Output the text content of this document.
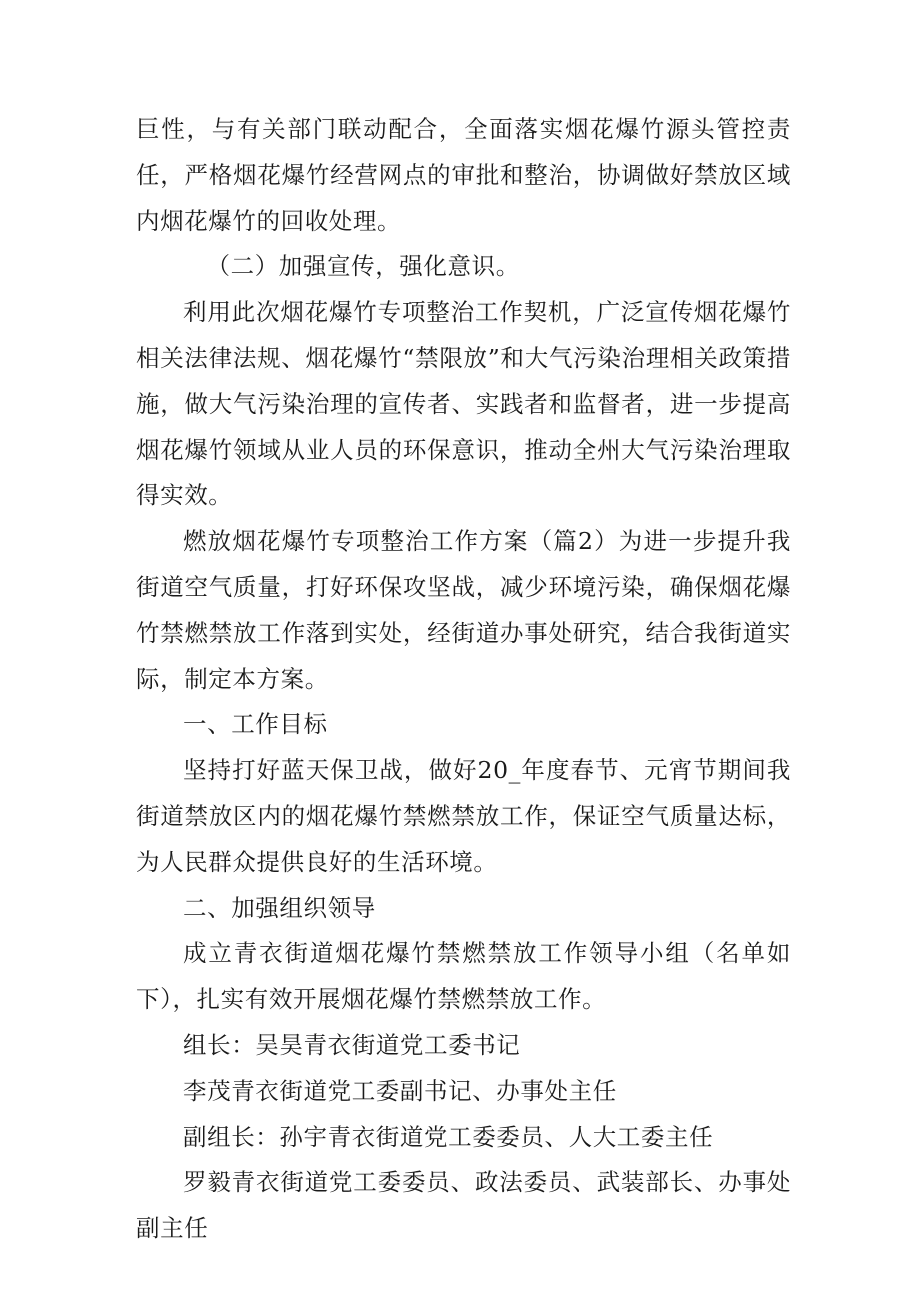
巨性，与有关部门联动配合，全面落实烟花爆竹源头管控责任，严格烟花爆竹经营网点的审批和整治，协调做好禁放区域内烟花爆竹的回收处理。

（二）加强宣传，强化意识。

利用此次烟花爆竹专项整治工作契机，广泛宣传烟花爆竹相关法律法规、烟花爆竹“禁限放”和大气污染治理相关政策措施，做大气污染治理的宣传者、实践者和监督者，进一步提高烟花爆竹领域从业人员的环保意识，推动全州大气污染治理取得实效。

燃放烟花爆竹专项整治工作方案（篇2）为进一步提升我街道空气质量，打好环保攻坚战，减少环境污染，确保烟花爆竹禁燃禁放工作落到实处，经街道办事处研究，结合我街道实际，制定本方案。

一、工作目标

坚持打好蓝天保卫战，做好20_年度春节、元宵节期间我街道禁放区内的烟花爆竹禁燃禁放工作，保证空气质量达标，为人民群众提供良好的生活环境。

二、加强组织领导

成立青衣街道烟花爆竹禁燃禁放工作领导小组（名单如下），扎实有效开展烟花爆竹禁燃禁放工作。

组长：吴昊青衣街道党工委书记

李茂青衣街道党工委副书记、办事处主任

副组长：孙宇青衣街道党工委委员、人大工委主任

罗毅青衣街道党工委委员、政法委员、武装部长、办事处副主任
